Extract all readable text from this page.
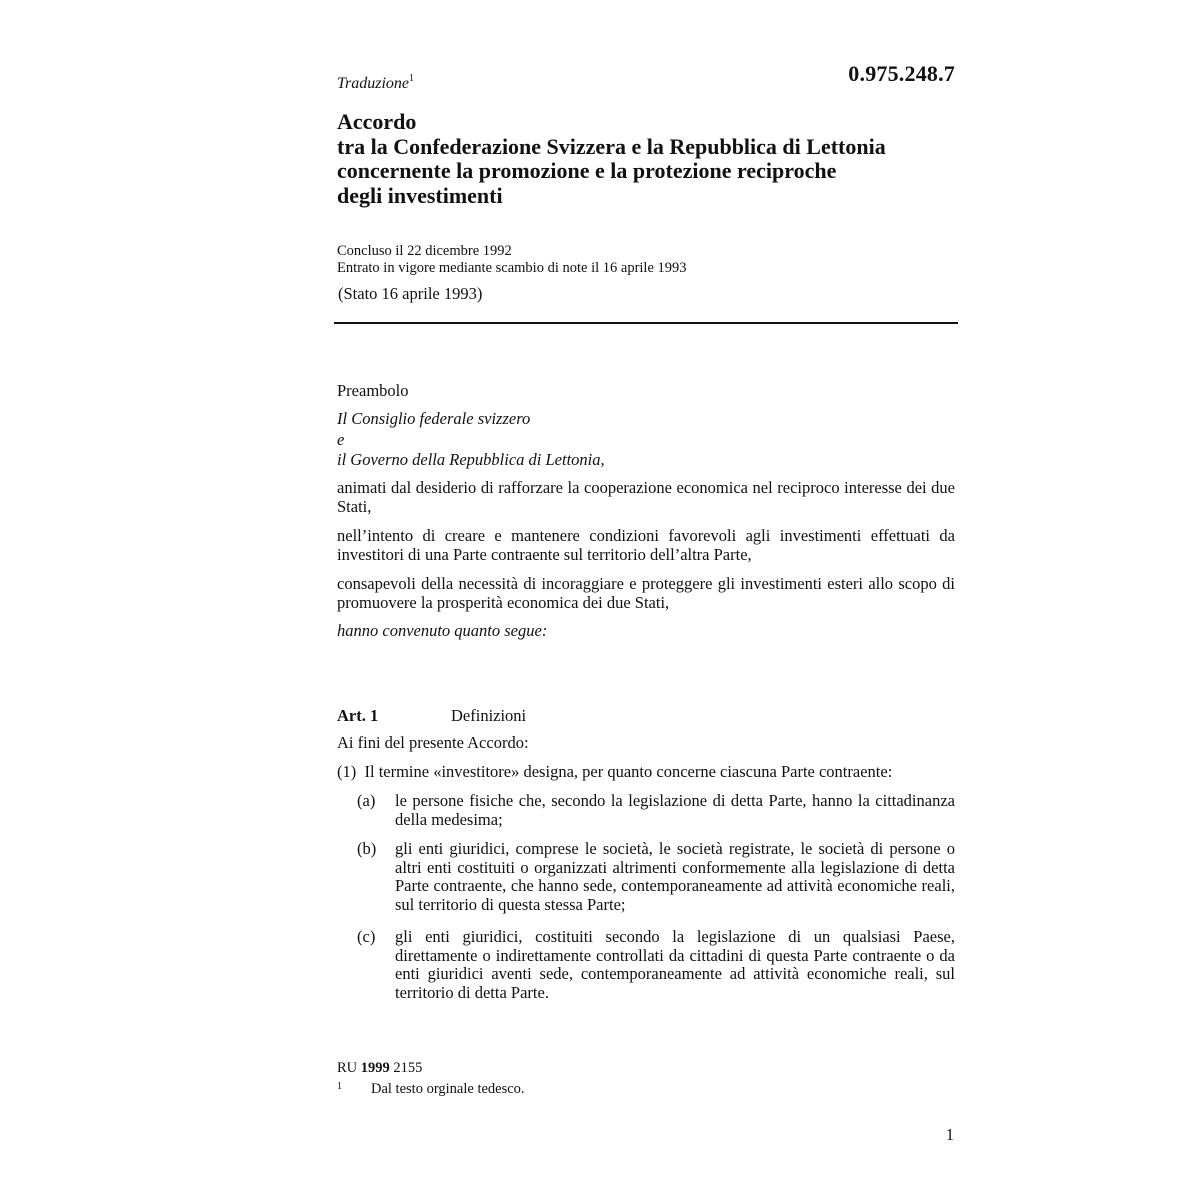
Traduzione$^1$	0.975.248.7
Accordo
tra la Confederazione Svizzera e la Repubblica di Lettonia
concernente la promozione e la protezione reciproche
degli investimenti
Concluso il 22 dicembre 1992
Entrato in vigore mediante scambio di note il 16 aprile 1993
(Stato 16 aprile 1993)
Preambolo
Il Consiglio federale svizzero
e
il Governo della Repubblica di Lettonia,
animati dal desiderio di rafforzare la cooperazione economica nel reciproco interesse dei due Stati,
nell’intento di creare e mantenere condizioni favorevoli agli investimenti effettuati da investitori di una Parte contraente sul territorio dell’altra Parte,
consapevoli della necessità di incoraggiare e proteggere gli investimenti esteri allo scopo di promuovere la prosperità economica dei due Stati,
hanno convenuto quanto segue:
Art. 1	Definizioni
Ai fini del presente Accordo:
(1)  Il termine «investitore» designa, per quanto concerne ciascuna Parte contraente:
(a) le persone fisiche che, secondo la legislazione di detta Parte, hanno la cittadinanza della medesima;
(b) gli enti giuridici, comprese le società, le società registrate, le società di persone o altri enti costituiti o organizzati altrimenti conformemente alla legislazione di detta Parte contraente, che hanno sede, contemporaneamente ad attività economiche reali, sul territorio di questa stessa Parte;
(c) gli enti giuridici, costituiti secondo la legislazione di un qualsiasi Paese, direttamente o indirettamente controllati da cittadini di questa Parte contraente o da enti giuridici aventi sede, contemporaneamente ad attività economiche reali, sul territorio di detta Parte.
RU 1999 2155
1 Dal testo orginale tedesco.
1
